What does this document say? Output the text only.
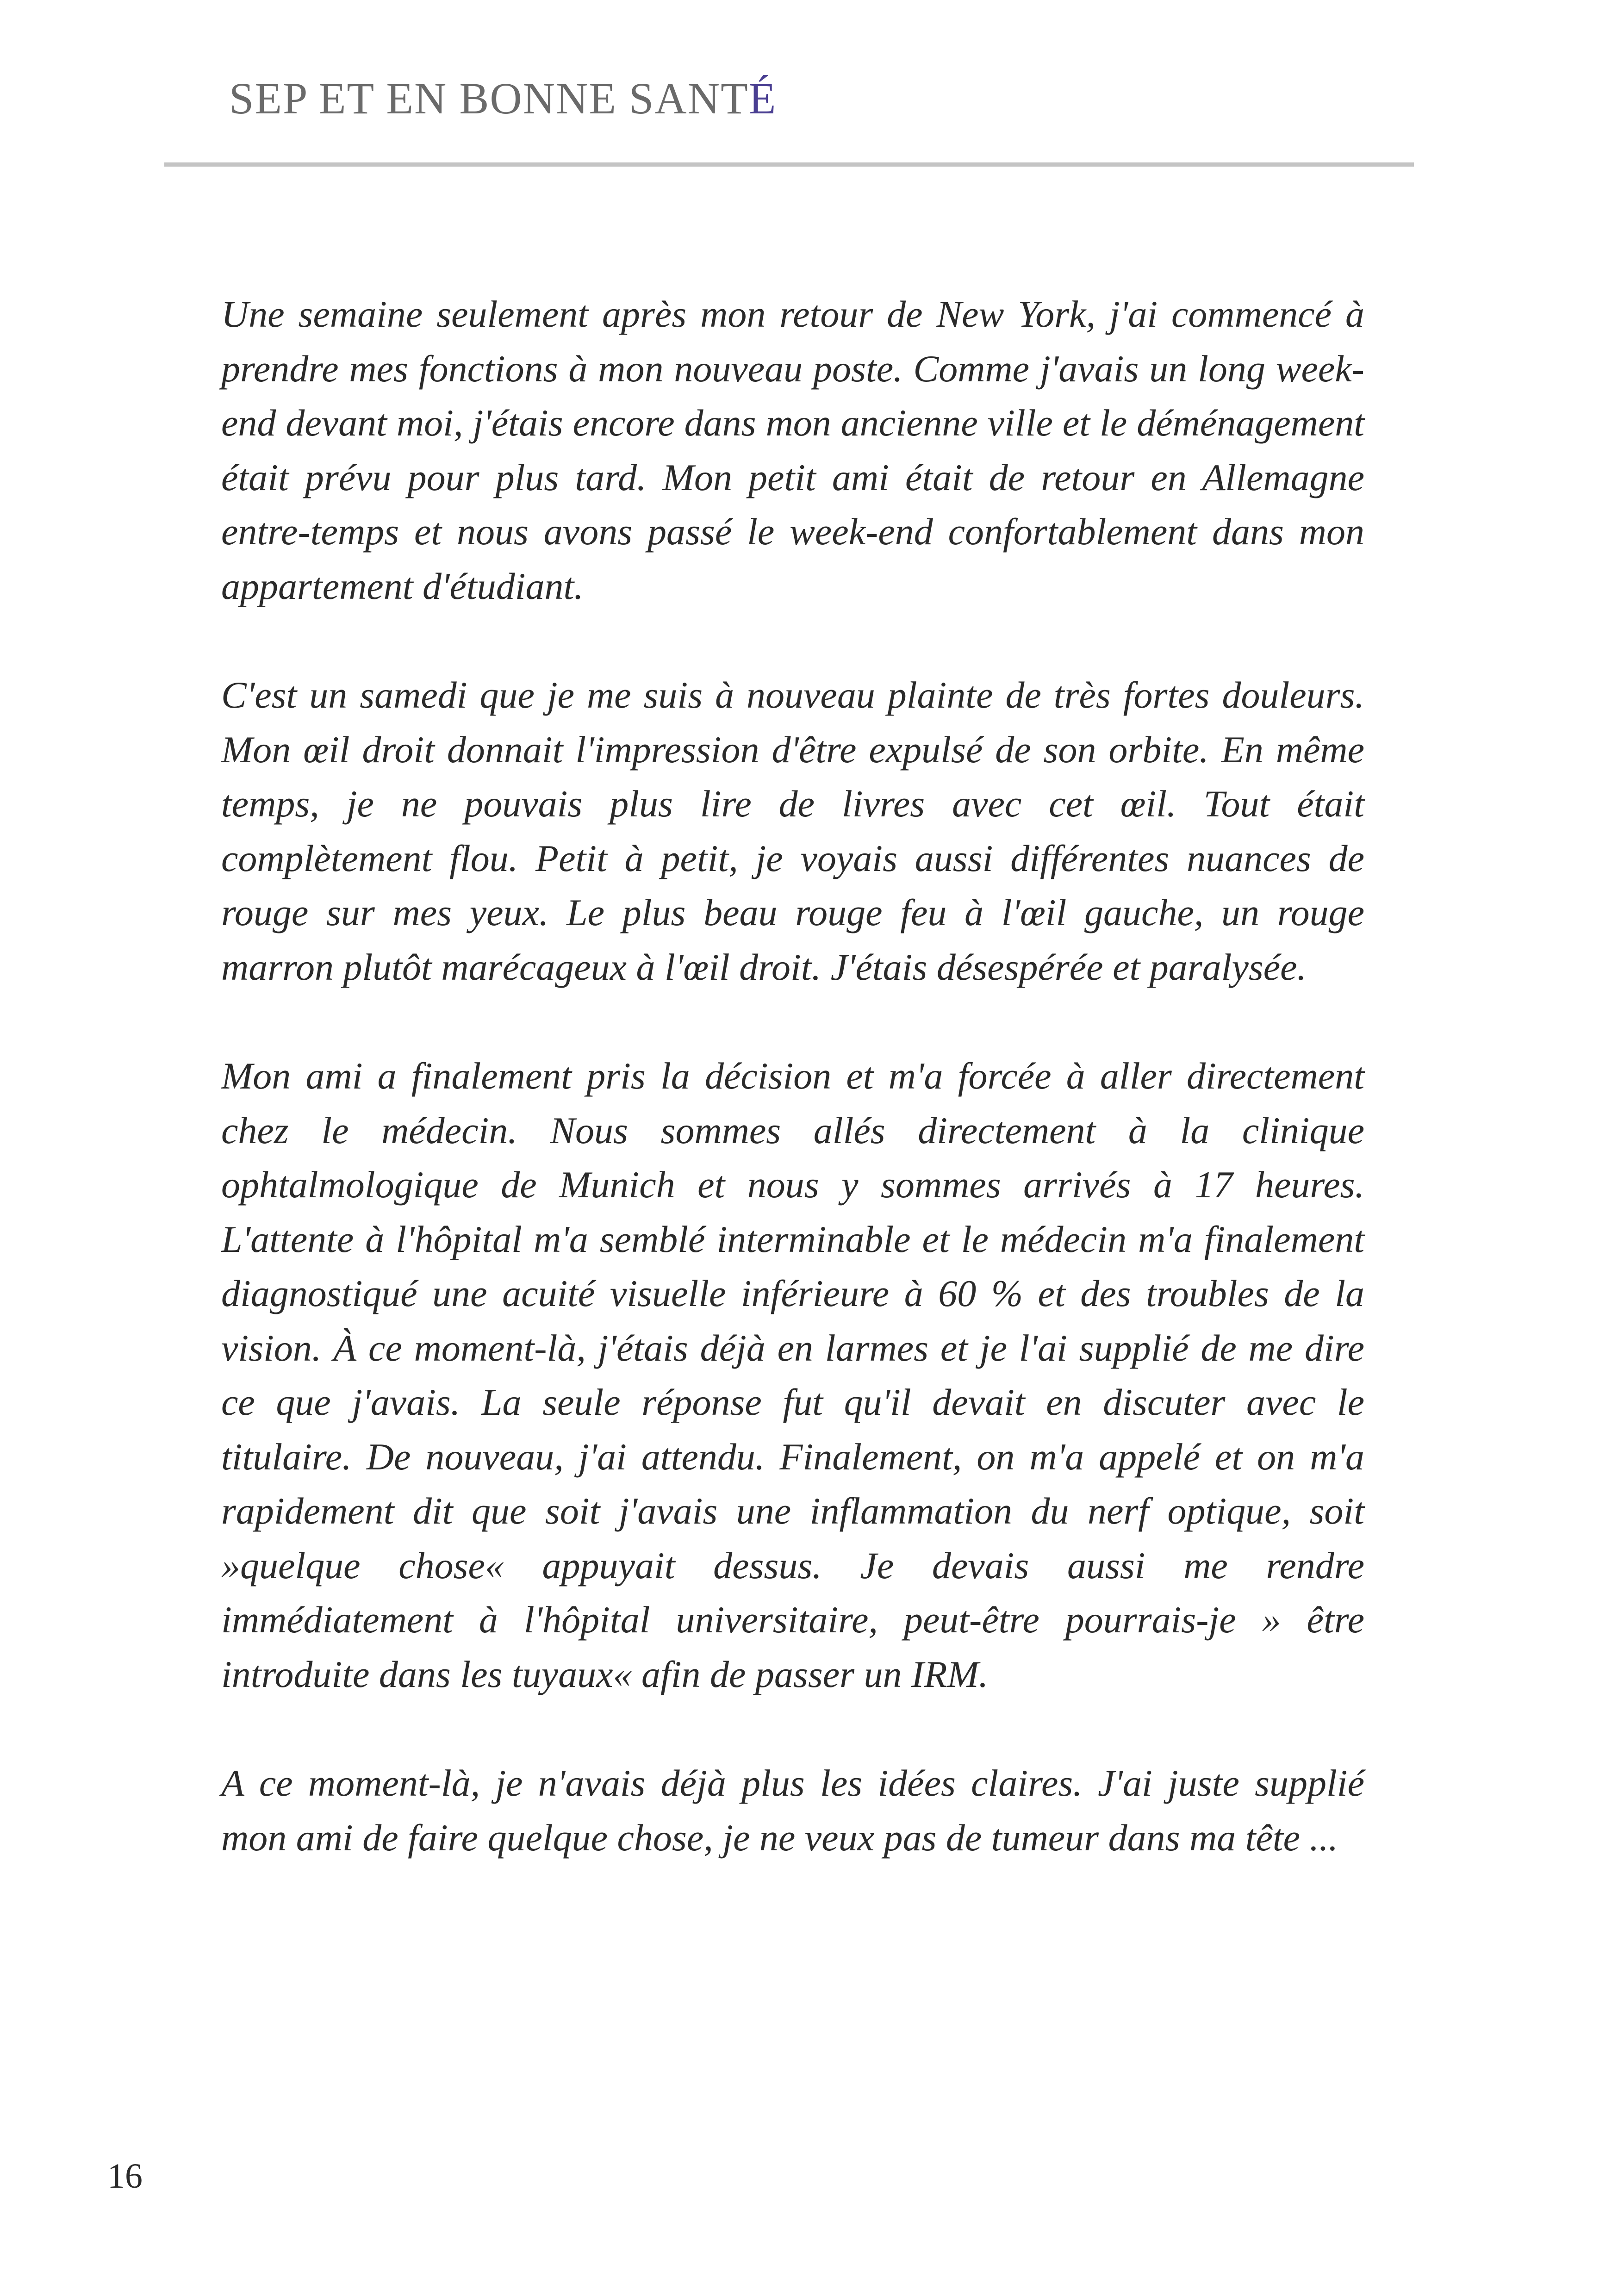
SEP ET EN BONNE SANTÉ

Une semaine seulement après mon retour de New York, j'ai commencé à prendre mes fonctions à mon nouveau poste. Comme j'avais un long week-end devant moi, j'étais encore dans mon ancienne ville et le déménagement était prévu pour plus tard. Mon petit ami était de retour en Allemagne entre-temps et nous avons passé le week-end confortablement dans mon appartement d'étudiant.

C'est un samedi que je me suis à nouveau plainte de très fortes douleurs. Mon œil droit donnait l'impression d'être expulsé de son orbite. En même temps, je ne pouvais plus lire de livres avec cet œil. Tout était complètement flou. Petit à petit, je voyais aussi différentes nuances de rouge sur mes yeux. Le plus beau rouge feu à l'œil gauche, un rouge marron plutôt marécageux à l'œil droit. J'étais désespérée et paralysée.

Mon ami a finalement pris la décision et m'a forcée à aller directement chez le médecin. Nous sommes allés directement à la clinique ophtalmologique de Munich et nous y sommes arrivés à 17 heures. L'attente à l'hôpital m'a semblé interminable et le médecin m'a finalement diagnostiqué une acuité visuelle inférieure à 60 % et des troubles de la vision. À ce moment-là, j'étais déjà en larmes et je l'ai supplié de me dire ce que j'avais. La seule réponse fut qu'il devait en discuter avec le titulaire. De nouveau, j'ai attendu. Finalement, on m'a appelé et on m'a rapidement dit que soit j'avais une inflammation du nerf optique, soit »quelque chose« appuyait dessus. Je devais aussi me rendre immédiatement à l'hôpital universitaire, peut-être pourrais-je » être introduite dans les tuyaux« afin de passer un IRM.

A ce moment-là, je n'avais déjà plus les idées claires. J'ai juste supplié mon ami de faire quelque chose, je ne veux pas de tumeur dans ma tête ...

16
